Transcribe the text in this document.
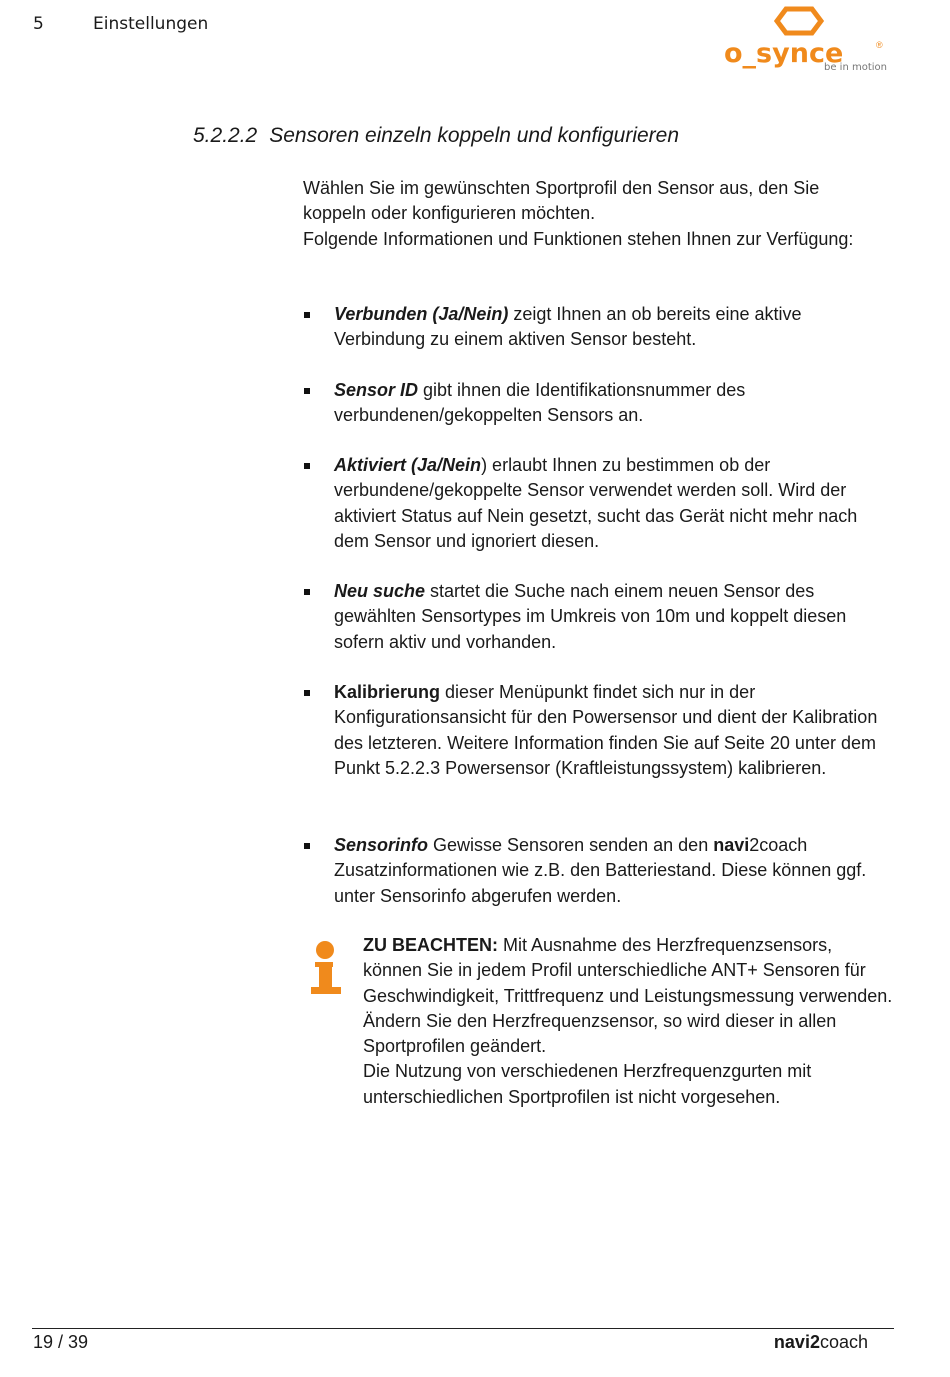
5	Einstellungen
o_synce	®
be in motion
5.2.2.2 Sensoren einzeln koppeln und konfigurieren

Wählen Sie im gewünschten Sportprofil den Sensor aus, den Sie koppeln oder konfigurieren möchten.

Folgende Informationen und Funktionen stehen Ihnen zur Verfügung:

Verbunden (Ja/Nein) zeigt Ihnen an ob bereits eine aktive Verbindung zu einem aktiven Sensor besteht.
Sensor ID gibt ihnen die Identifikationsnummer des verbundenen/gekoppelten Sensors an.
Aktiviert (Ja/Nein) erlaubt Ihnen zu bestimmen ob der verbundene/gekoppelte Sensor verwendet werden soll. Wird der aktiviert Status auf Nein gesetzt, sucht das Gerät nicht mehr nach dem Sensor und ignoriert diesen.
Neu suche startet die Suche nach einem neuen Sensor des gewählten Sensortypes im Umkreis von 10m und koppelt diesen sofern aktiv und vorhanden.
Kalibrierung dieser Menüpunkt findet sich nur in der Konfigurationsansicht für den Powersensor und dient der Kalibration des letzteren. Weitere Information finden Sie auf Seite 20 unter dem Punkt 5.2.2.3 Powersensor (Kraftleistungssystem) kalibrieren.
Sensorinfo Gewisse Sensoren senden an den navi2coach Zusatzinformationen wie z.B. den Batteriestand. Diese können ggf. unter Sensorinfo abgerufen werden.

ZU BEACHTEN: Mit Ausnahme des Herzfrequenzsensors, können Sie in jedem Profil unterschiedliche ANT+ Sensoren für Geschwindigkeit, Trittfrequenz und Leistungsmessung verwenden. Ändern Sie den Herzfrequenzsensor, so wird dieser in allen Sportprofilen geändert.

Die Nutzung von verschiedenen Herzfrequenzgurten mit unterschiedlichen Sportprofilen ist nicht vorgesehen.

19 / 39	navi2coach
